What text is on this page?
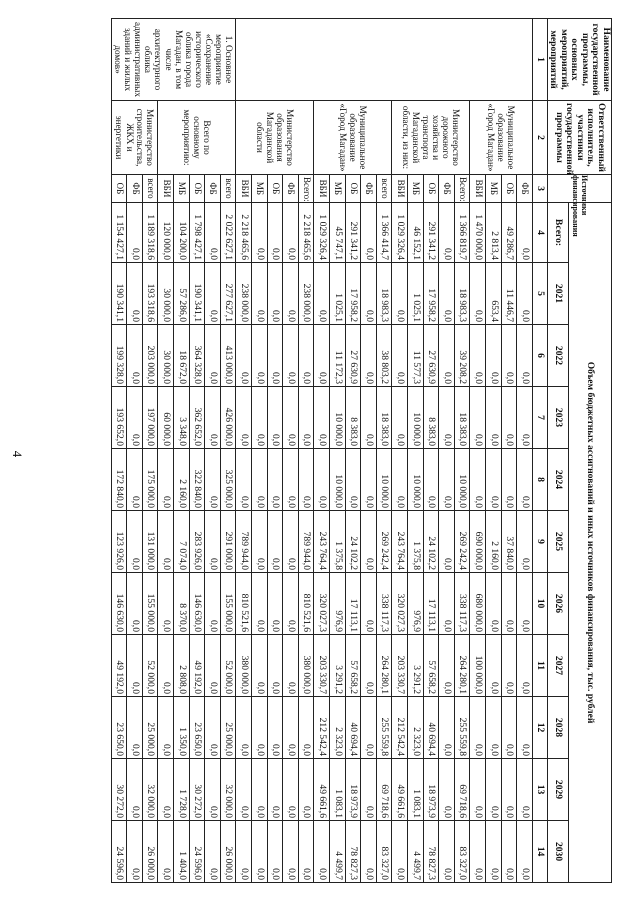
4
Наименование государственной программы, основных мероприятий, мероприятий	Ответственный исполнитель, участники государственной программы	Источники финансирования	Объем бюджетных ассигнований и иных источников финансирования, тыс. рублей										
			Всего:	2021	2022	2023	2024	2025	2026	2027	2028	2029	2030
1	2	3	4	5	6	7	8	9	10	11	12	13	14
	Муниципальное образование «Город Магадан»	ФБ	0,0	0,0	0,0	0,0	0,0	0,0	0,0	0,0	0,0	0,0	0,0
		ОБ	49 286,7	11 446,7	0,0	0,0	0,0	37 840,0	0,0	0,0	0,0	0,0	0,0
		МБ	2 813,4	653,4	0,0	0,0	0,0	2 160,0	0,0	0,0	0,0	0,0	0,0
		ВБИ	1 470 000,0	0,0	0,0	0,0	0,0	690 000,0	680 000,0	100 000,0	0,0	0,0	0,0
	Министерство дорожного хозяйства и транспорта Магаданской области, из них:	Всего:	1 366 819,7	18 983,3	39 208,2	18 383,0	10 000,0	269 242,4	338 117,3	264 280,1	255 559,8	69 718,6	83 327,0
		ФБ	0,0	0,0	0,0	0,0	0,0	0,0	0,0	0,0	0,0	0,0	0,0
		ОБ	291 341,2	17 958,2	27 630,9	8 383,0	0,0	24 102,2	17 113,1	57 658,2	40 694,4	18 973,9	78 827,3
		МБ	46 152,1	1 025,1	11 577,3	10 000,0	10 000,0	1 375,8	976,9	3 291,2	2 323,0	1 083,1	4 499,7
		ВБИ	1 029 326,4	0,0	0,0	0,0	0,0	243 764,4	320 027,3	203 330,7	212 542,4	49 661,6	0,0
	Муниципальное образование «Город Магадан»	всего	1 366 414,7	18 983,3	38 803,2	18 383,0	10 000,0	269 242,4	338 117,3	264 280,1	255 559,8	69 718,6	83 327,0
		ФБ	0,0	0,0	0,0	0,0	0,0	0,0	0,0	0,0	0,0	0,0	0,0
		ОБ	291 341,2	17 958,2	27 630,9	8 383,0	0,0	24 102,2	17 113,1	57 658,2	40 694,4	18 973,9	78 827,3
		МБ	45 747,1	1 025,1	11 172,3	10 000,0	10 000,0	1 375,8	976,9	3 291,2	2 323,0	1 083,1	4 499,7
		ВБИ	1 029 326,4	0,0	0,0	0,0	0,0	243 764,4	320 027,3	203 330,7	212 542,4	49 661,6	0,0
	Министерство образования Магаданской области	Всего:	2 218 465,6	238 000,0	0,0	0,0	0,0	789 944,0	810 521,6	380 000,0	0,0	0,0	0,0
		ФБ	0,0	0,0	0,0	0,0	0,0	0,0	0,0	0,0	0,0	0,0	0,0
		ОБ	0,0	0,0	0,0	0,0	0,0	0,0	0,0	0,0	0,0	0,0	0,0
		МБ	0,0	0,0	0,0	0,0	0,0	0,0	0,0	0,0	0,0	0,0	0,0
		ВБИ	2 218 465,6	238 000,0	0,0	0,0	0,0	789 944,0	810 521,6	380 000,0	0,0	0,0	0,0
1. Основное мероприятие «Сохранение исторического облика города Магадан, в том числе архитектурного облика административных зданий и жилых домов»	Всего по основному мероприятию:	всего	2 022 627,1	277 627,1	413 000,0	426 000,0	325 000,0	291 000,0	155 000,0	52 000,0	25 000,0	32 000,0	26 000,0
		ФБ	0,0	0,0	0,0	0,0	0,0	0,0	0,0	0,0	0,0	0,0	0,0
		ОБ	1 798 427,1	190 341,1	364 328,0	362 652,0	322 840,0	283 926,0	146 630,0	49 192,0	23 650,0	30 272,0	24 596,0
		МБ	104 200,0	57 286,0	18 672,0	3 348,0	2 160,0	7 074,0	8 370,0	2 808,0	1 350,0	1 728,0	1 404,0
		ВБИ	120 000,0	30 000,0	30 000,0	60 000,0	0,0	0,0	0,0	0,0	0,0	0,0	0,0
	Министерство строительства, ЖКХ и энергетики	всего	1 189 318,6	193 318,6	203 000,0	197 000,0	175 000,0	131 000,0	155 000,0	52 000,0	25 000,0	32 000,0	26 000,0
		ФБ	0,0	0,0	0,0	0,0	0,0	0,0	0,0	0,0	0,0	0,0	0,0
		ОБ	1 154 427,1	190 341,1	199 328,0	193 652,0	172 840,0	123 926,0	146 630,0	49 192,0	23 650,0	30 272,0	24 596,0
